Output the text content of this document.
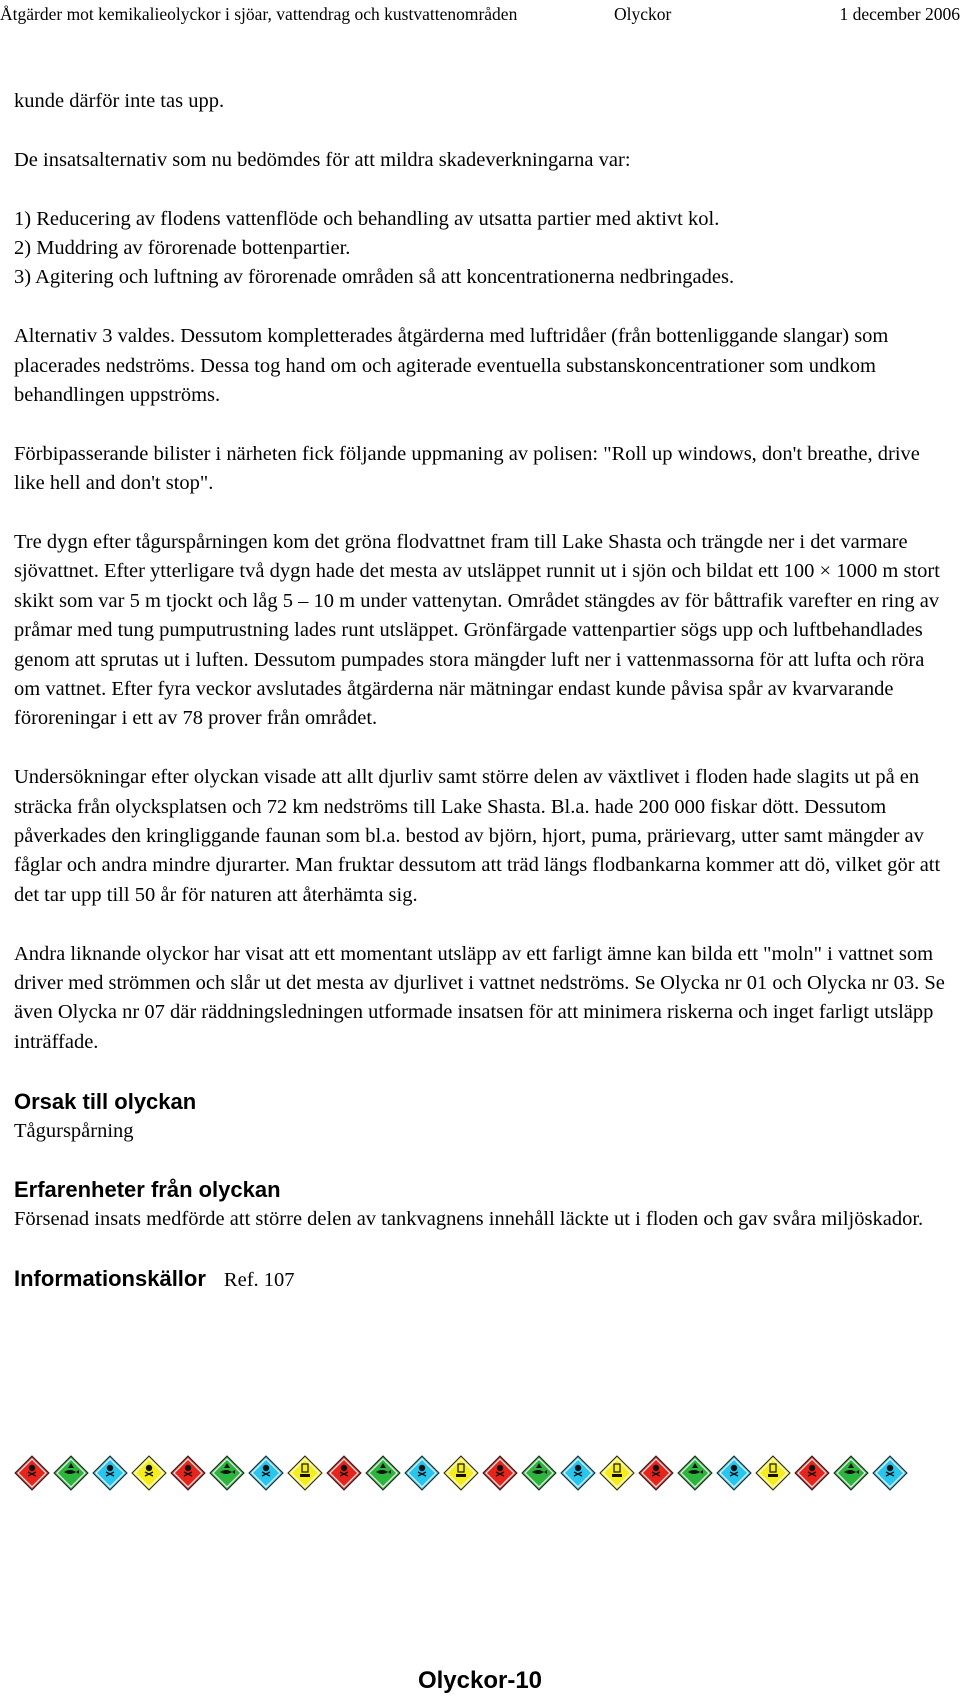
Åtgärder mot kemikalieolyckor i sjöar, vattendrag och kustvattenområden	Olyckor	1 december 2006

kunde därför inte tas upp.

De insatsalternativ som nu bedömdes för att mildra skadeverkningarna var:

1) Reducering av flodens vattenflöde och behandling av utsatta partier med aktivt kol.
2) Muddring av förorenade bottenpartier.
3) Agitering och luftning av förorenade områden så att koncentrationerna nedbringades.

Alternativ 3 valdes. Dessutom kompletterades åtgärderna med luftridåer (från bottenliggande slangar) som placerades nedströms. Dessa tog hand om och agiterade eventuella substanskoncentrationer som undkom behandlingen uppströms.

Förbipasserande bilister i närheten fick följande uppmaning av polisen: "Roll up windows, don't breathe, drive like hell and don't stop".

Tre dygn efter tågurspårningen kom det gröna flodvattnet fram till Lake Shasta och trängde ner i det varmare sjövattnet. Efter ytterligare två dygn hade det mesta av utsläppet runnit ut i sjön och bildat ett 100 × 1000 m stort skikt som var 5 m tjockt och låg 5 – 10 m under vattenytan. Området stängdes av för båttrafik varefter en ring av pråmar med tung pumputrustning lades runt utsläppet. Grönfärgade vattenpartier sögs upp och luftbehandlades genom att sprutas ut i luften. Dessutom pumpades stora mängder luft ner i vattenmassorna för att lufta och röra om vattnet. Efter fyra veckor avslutades åtgärderna när mätningar endast kunde påvisa spår av kvarvarande föroreningar i ett av 78 prover från området.

Undersökningar efter olyckan visade att allt djurliv samt större delen av växtlivet i floden hade slagits ut på en sträcka från olycksplatsen och 72 km nedströms till Lake Shasta. Bl.a. hade 200 000 fiskar dött. Dessutom påverkades den kringliggande faunan som bl.a. bestod av björn, hjort, puma, prärievarg, utter samt mängder av fåglar och andra mindre djurarter. Man fruktar dessutom att träd längs flodbankarna kommer att dö, vilket gör att det tar upp till 50 år för naturen att återhämta sig.

Andra liknande olyckor har visat att ett momentant utsläpp av ett farligt ämne kan bilda ett "moln" i vattnet som driver med strömmen och slår ut det mesta av djurlivet i vattnet nedströms. Se Olycka nr 01 och Olycka nr 03. Se även Olycka nr 07 där räddningsledningen utformade insatsen för att minimera riskerna och inget farligt utsläpp inträffade.

Orsak till olyckan
Tågurspårning
Erfarenheter från olyckan
Försenad insats medförde att större delen av tankvagnens innehåll läckte ut i floden och gav svåra miljöskador.
Informationskällor Ref. 107
Olyckor-10
